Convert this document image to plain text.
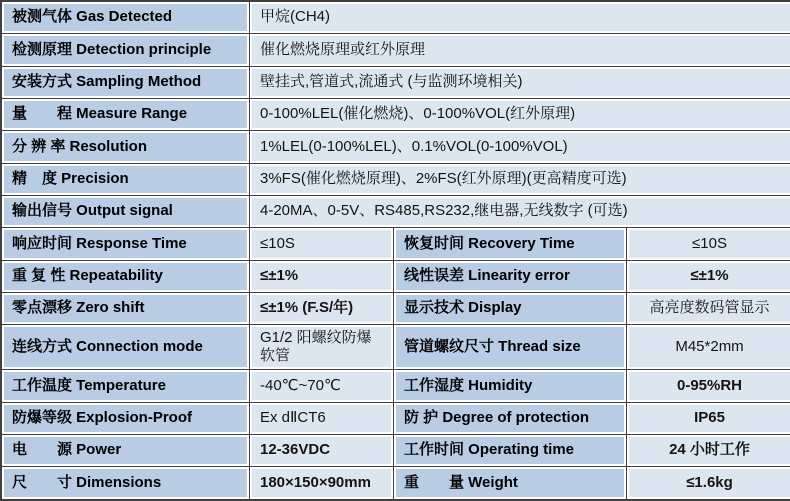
被测气体 Gas Detected	甲烷(CH4)		
检测原理 Detection principle	催化燃烧原理或红外原理		
安装方式 Sampling Method	壁挂式,管道式,流通式 (与监测环境相关)		
量　　程 Measure Range	0-100%LEL(催化燃烧)、0-100%VOL(红外原理)		
分 辨 率 Resolution	1%LEL(0-100%LEL)、0.1%VOL(0-100%VOL)		
精　度 Precision	3%FS(催化燃烧原理)、2%FS(红外原理)(更高精度可选)		
输出信号 Output signal	4-20MA、0-5V、RS485,RS232,继电器,无线数字 (可选)		
响应时间 Response Time	≤10S	恢复时间 Recovery Time	≤10S
重 复 性 Repeatability	≤±1%	线性误差 Linearity error	≤±1%
零点漂移 Zero shift	≤±1% (F.S/年)	显示技术 Display	高亮度数码管显示
连线方式 Connection mode	G1/2 阳螺纹防爆软管	管道螺纹尺寸 Thread size	M45*2mm
工作温度 Temperature	-40℃~70℃	工作湿度 Humidity	0-95%RH
防爆等级 Explosion-Proof	Ex dⅡCT6	防 护 Degree of protection	IP65
电　　源 Power	12-36VDC	工作时间 Operating time	24 小时工作
尺　　寸 Dimensions	180×150×90mm	重　　量 Weight	≤1.6kg
